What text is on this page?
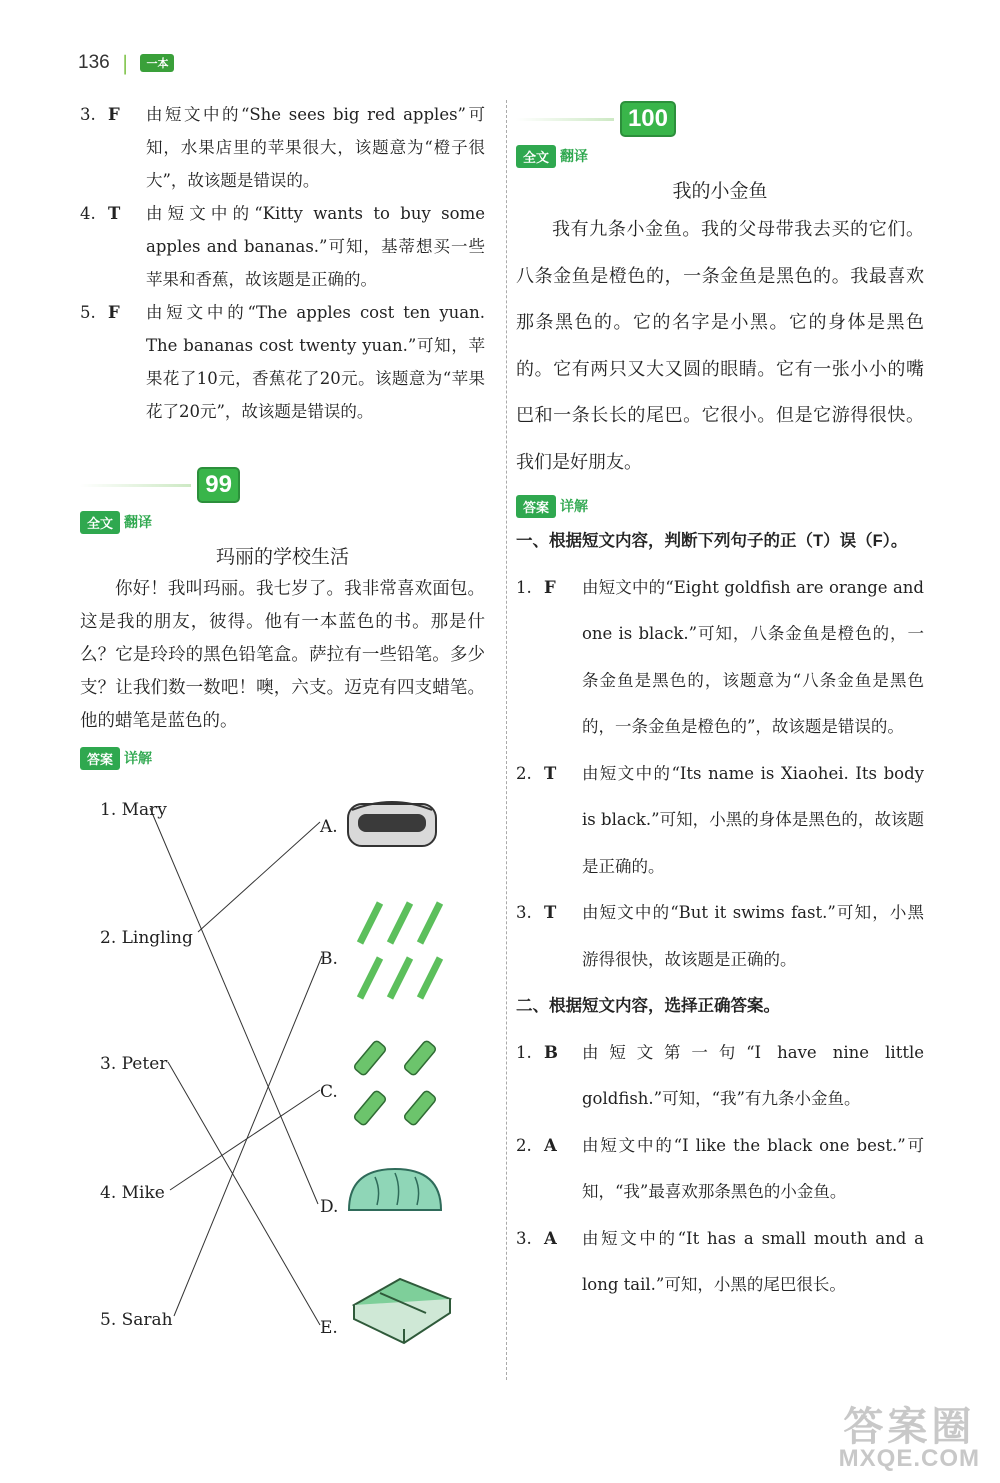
136 |	一本
3. F	由短文中的“She sees big red apples”可知，水果店里的苹果很大，该题意为“橙子很大”，故该题是错误的。
4. T	由短文中的“Kitty wants to buy some apples and bananas.”可知，基蒂想买一些苹果和香蕉，故该题是正确的。
5. F	由短文中的“The apples cost ten yuan. The bananas cost twenty yuan.”可知，苹果花了10元，香蕉花了20元。该题意为“苹果花了20元”，故该题是错误的。
99
全文 翻译
玛丽的学校生活

你好！我叫玛丽。我七岁了。我非常喜欢面包。这是我的朋友，彼得。他有一本蓝色的书。那是什么？它是玲玲的黑色铅笔盒。萨拉有一些铅笔。多少支？让我们数一数吧！噢，六支。迈克有四支蜡笔。他的蜡笔是蓝色的。

答案 详解
1. Mary
2. Lingling
3. Peter
4. Mike
5. Sarah
A.
B.
C.
D.
E.
100
全文 翻译
我的小金鱼

我有九条小金鱼。我的父母带我去买的它们。八条金鱼是橙色的，一条金鱼是黑色的。我最喜欢那条黑色的。它的名字是小黑。它的身体是黑色的。它有两只又大又圆的眼睛。它有一张小小的嘴巴和一条长长的尾巴。它很小。但是它游得很快。我们是好朋友。

答案 详解
一、根据短文内容，判断下列句子的正（T）误（F）。
1. F	由短文中的“Eight goldfish are orange and one is black.”可知，八条金鱼是橙色的，一条金鱼是黑色的，该题意为“八条金鱼是黑色的，一条金鱼是橙色的”，故该题是错误的。
2. T	由短文中的“Its name is Xiaohei. Its body is black.”可知，小黑的身体是黑色的，故该题是正确的。
3. T	由短文中的“But it swims fast.”可知，小黑游得很快，故该题是正确的。
二、根据短文内容，选择正确答案。
1. B	由短文第一句“I have nine little goldfish.”可知，“我”有九条小金鱼。
2. A	由短文中的“I like the black one best.”可知，“我”最喜欢那条黑色的小金鱼。
3. A	由短文中的“It has a small mouth and a long tail.”可知，小黑的尾巴很长。
答案圈
MXQE.COM
